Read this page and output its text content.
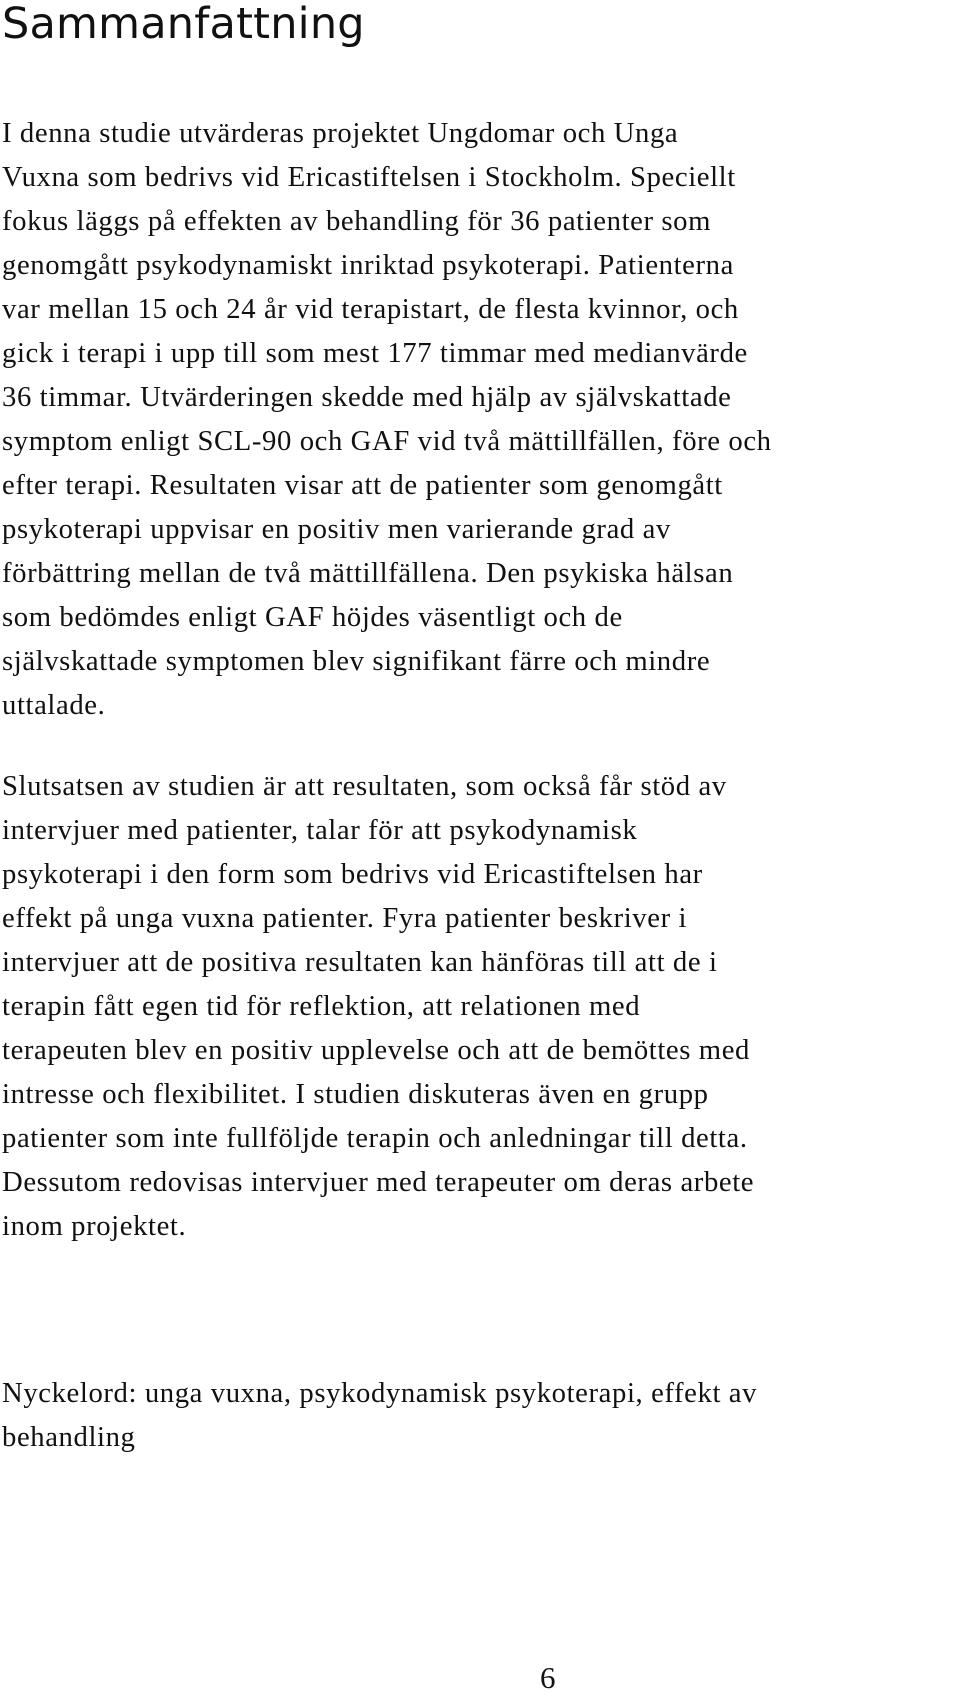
Sammanfattning

I denna studie utvärderas projektet Ungdomar och Unga
Vuxna som bedrivs vid Ericastiftelsen i Stockholm. Speciellt
fokus läggs på effekten av behandling för 36 patienter som
genomgått psykodynamiskt inriktad psykoterapi. Patienterna
var mellan 15 och 24 år vid terapistart, de flesta kvinnor, och
gick i terapi i upp till som mest 177 timmar med medianvärde
36 timmar. Utvärderingen skedde med hjälp av självskattade
symptom enligt SCL-90 och GAF vid två mättillfällen, före och
efter terapi. Resultaten visar att de patienter som genomgått
psykoterapi uppvisar en positiv men varierande grad av
förbättring mellan de två mättillfällena. Den psykiska hälsan
som bedömdes enligt GAF höjdes väsentligt och de
självskattade symptomen blev signifikant färre och mindre
uttalade.

Slutsatsen av studien är att resultaten, som också får stöd av
intervjuer med patienter, talar för att psykodynamisk
psykoterapi i den form som bedrivs vid Ericastiftelsen har
effekt på unga vuxna patienter. Fyra patienter beskriver i
intervjuer att de positiva resultaten kan hänföras till att de i
terapin fått egen tid för reflektion, att relationen med
terapeuten blev en positiv upplevelse och att de bemöttes med
intresse och flexibilitet. I studien diskuteras även en grupp
patienter som inte fullföljde terapin och anledningar till detta.
Dessutom redovisas intervjuer med terapeuter om deras arbete
inom projektet.

Nyckelord: unga vuxna, psykodynamisk psykoterapi, effekt av
behandling

6
